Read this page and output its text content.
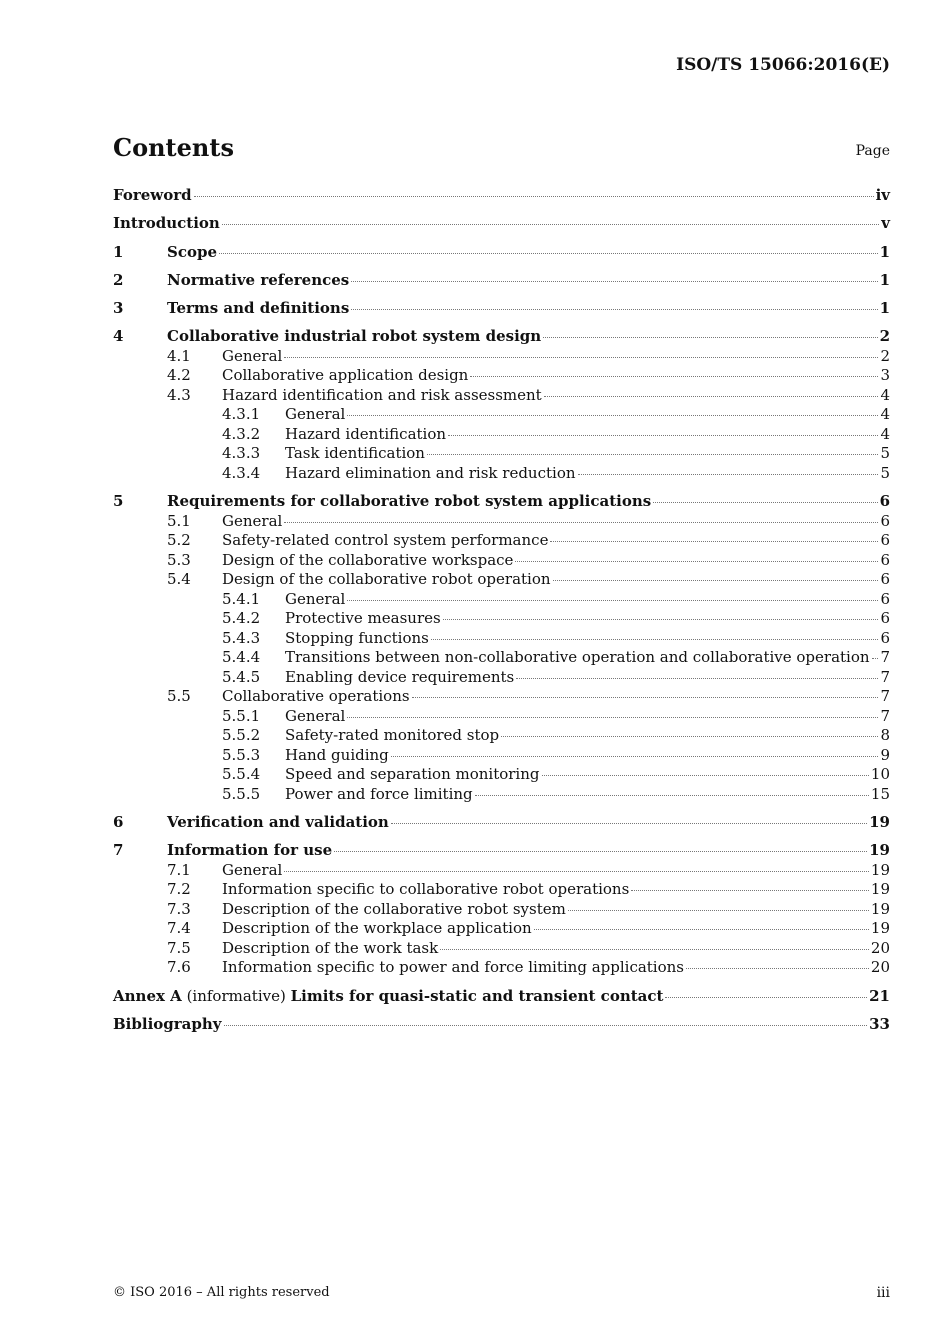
ISO/TS 15066:2016(E)
Contents	Page
Foreword	iv
Introduction	v
1	Scope	1
2	Normative references	1
3	Terms and definitions	1
4	Collaborative industrial robot system design	2
4.1 General	2
4.2 Collaborative application design	3
4.3 Hazard identification and risk assessment	4
4.3.1 General	4
4.3.2 Hazard identification	4
4.3.3 Task identification	5
4.3.4 Hazard elimination and risk reduction	5
5	Requirements for collaborative robot system applications	6
5.1 General	6
5.2 Safety-related control system performance	6
5.3 Design of the collaborative workspace	6
5.4 Design of the collaborative robot operation	6
5.4.1 General	6
5.4.2 Protective measures	6
5.4.3 Stopping functions	6
5.4.4 Transitions between non-collaborative operation and collaborative operation 7
5.4.5 Enabling device requirements	7
5.5 Collaborative operations	7
5.5.1 General	7
5.5.2 Safety-rated monitored stop	8
5.5.3 Hand guiding	9
5.5.4 Speed and separation monitoring	10
5.5.5 Power and force limiting	15
6	Verification and validation	19
7	Information for use	19
7.1 General	19
7.2 Information specific to collaborative robot operations	19
7.3 Description of the collaborative robot system	19
7.4 Description of the workplace application	19
7.5 Description of the work task	20
7.6 Information specific to power and force limiting applications	20
Annex A (informative) Limits for quasi-static and transient contact	21
Bibliography	33
© ISO 2016 – All rights reserved	iii
